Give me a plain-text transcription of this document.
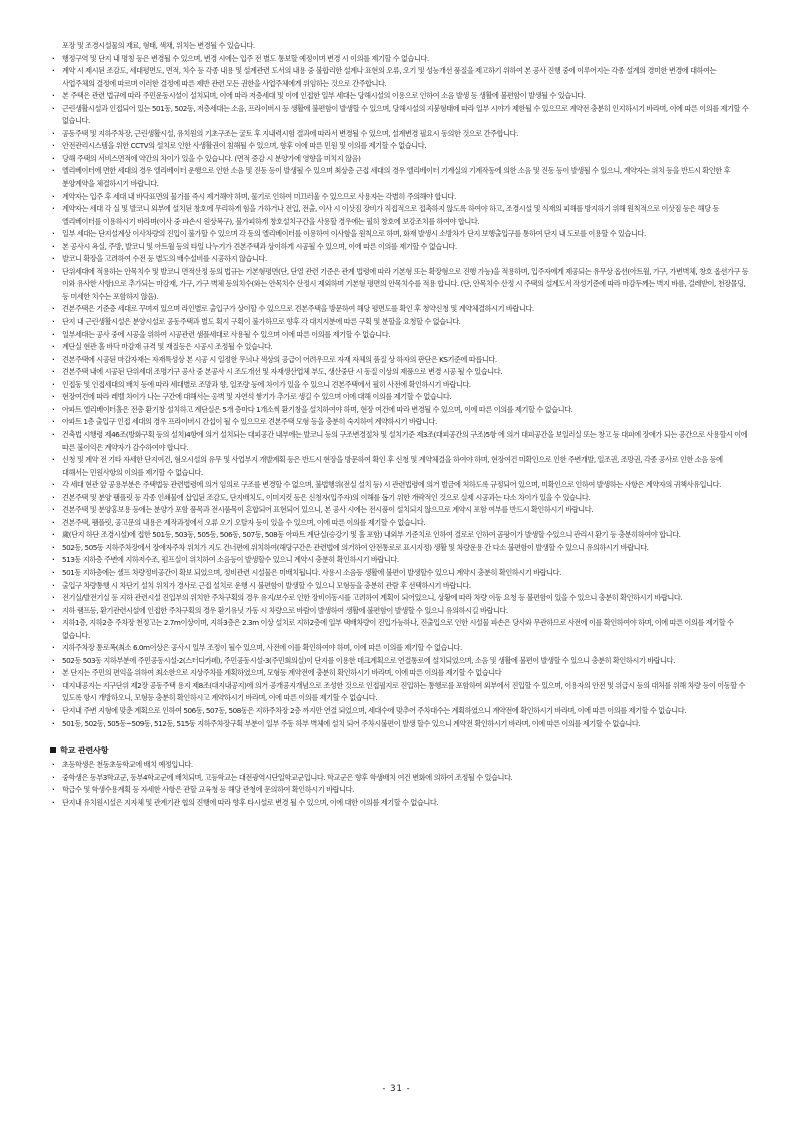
포장 및 조경시설물의 재료, 형태, 색채, 위치는 변경될 수 있습니다.
· 행정구역 및 단지 내 명칭 등은 변경될 수 있으며, 변경 시에는 입주 전 별도 통보할 예정이며 변경 시 이의를 제기할 수 없습니다.
· 계약 시 제시된 조감도, 세대평면도, 면적, 치수 등 각종 내용 및 설계관련 도서의 내용 중 불합리한 설계나 표현의 오류, 오기 및 성능개선 품질을 제고하기 위하여 본 공사 진행 중에 이루어지는 각종 설계의 경미한 변경에 대하여는 사업주체의 결정에 따르며 이러한 결정에 따른 제반 관련 모든 권한을 사업주체에게 위임하는 것으로 간주합니다.
· 본 주택은 관련 법규에 따라 주민운동시설이 설치되며, 이에 따라 저층세대 및 이에 인접한 일부 세대는 당해시설의 이용으로 인하여 소음 발생 등 생활에 불편함이 발생될 수 있습니다.
· 근린생활시설과 인접되어 있는 501동, 502동, 저층세대는 소음, 프라이버시 등 생활에 불편함이 발생할 수 있으며, 당해시설의 지붕형태에 따라 일부 시야가 제한될 수 있으므로 계약전 충분히 인지하시기 바라며, 이에 따른 이의를 제기할 수 없습니다.
· 공동주택 및 지하주차장, 근린생활시설, 유치원의 기초구조는 굴토 후 지내력시험 결과에 따라서 변경될 수 있으며, 설계변경 필요시 동의한 것으로 간주합니다.
· 안전관리시스템을 위한 CCTV의 설치로 인한 사생활권이 침해될 수 있으며, 향후 이에 따른 민원 및 이의를 제기할 수 없습니다.
· 당해 주택의 서비스면적에 약간의 차이가 있을 수 있습니다. (면적 증감 시 분양가에 영향을 미치지 않음)
· 엘리베이터에 면한 세대의 경우 엘리베이터 운행으로 인한 소음 및 진동 등이 발생될 수 있으며 최상층 근접 세대의 경우 엘리베이터 기계실의 기계작동에 의한 소음 및 진동 등이 발생될 수 있으니, 계약자는 위치 등을 반드시 확인한 후 분양계약을 체결하시기 바랍니다.
· 계약자는 입주 후 세대 내 바닥표면의 물기를 즉시 제거해야 하며, 물기로 인하여 미끄러울 수 있으므로 사용자는 각별히 주의해야 합니다.
· 계약자는 세대 각 실 및 발코니 외부에 설치된 창호에 무리하게 힘을 가하거나 전입, 전출, 이사 시 이삿짐 장비가 직접적으로 접촉하지 않도록 하여야 하고, 조경시설 및 식재의 피해를 방지하기 위해 원칙적으로 이삿짐 등은 해당 동 엘리베이터를 이용하시기 바라며(이사 중 파손시 원상복구), 불가피하게 창호설치구간을 사용할 경우에는 필히 창호에 보강조치를 하여야 합니다.
· 일부 세대는 단지설계상 이사차량의 진입이 불가할 수 있으며 각 동의 엘리베이터를 이용하여 이사함을 원칙으로 하며, 화재 발생시 소방차가 단지 보행출입구를 통하여 단지 내 도로를 이용할 수 있습니다.
· 본 공사시 욕실, 주방, 발코니 및 아트월 등의 타일 나누기가 견본주택과 상이하게 시공될 수 있으며, 이에 따른 이의를 제기할 수 없습니다.
· 발코니 확장을 고려하여 수전 등 별도의 배수설비를 시공하지 않습니다.
· 단위세대에 적용하는 안목치수 및 발코니 면적산정 등의 법규는 기본형평면(단, 단열 관련 기준은 관계 법령에 따라 기본형 또는 확장형으로 진행 가능)을 적용하며, 입주자에게 제공되는 유무상 옵션(아트월, 가구, 가변벽체, 창호 옵션가구 등 이와 유사한 사항)으로 추가되는 마감재, 가구, 가구 벽체 등의치수(와는 안목치수 산정시 제외하며 기본형 평면의 안목치수를 적용 합니다. (단, 안목치수 산정 시 주택의 설계도서 작성기준에 따라 마감두께는 벽지 바름, 걸레받이, 천장몰딩, 등 미세한 치수는 포함하지 않음).
· 견본주택은 기준층 세대로 꾸며져 있으며 라인별로 출입구가 상이할 수 있으므로 견본주택을 방문하여 해당 평면도를 확인 후 청약신청 및 계약체결하시기 바랍니다.
· 단지 내 근린생활시설은 분양시설로 공동주택과 별도 획지 구획이 불가하므로 향후 각 대지지분에 따른 구획 및 분할을 요청할 수 없습니다.
· 일부세대는 공사 중에 시공을 위하여 시공관련 샘플세대로 사용될 수 있으며 이에 따른 이의를 제기할 수 없습니다.
· 계단실 현관 홀 바닥 마감재 규격 및 재질등은 시공시 조정될 수 있습니다.
· 견본주택에 시공된 마감자재는 자재특성상 본 시공 시 일정한 무늬나 색상의 공급이 어려우므로 자재 자체의 품질 상 하자의 판단은 KS기준에 따릅니다.
· 견본주택 내에 시공된 단위세대 조명기구 공사 중 본공사 시 조도개선 및 자재생산업체 부도, 생산중단 시 동질 이상의 제품으로 변경 시공 될 수 있습니다.
· 인접동 및 인접세대의 배치 등에 따라 세대별로 조망과 향, 일조량 등에 차이가 있을 수 있으니 견본주택에서 필히 사전에 확인하시기 바랍니다.
· 현장여건에 따라 레벨 차이가 나는 구간에 대해서는 옹벽 및 자연석 쌓기가 추가로 생길 수 있으며 이에 대해 이의를 제기할 수 없습니다.
· 아파트 엘리베이터홀은 전층 환기창 설치하고 계단실은 5개 층마다 1개소씩 환기창을 설치하여야 하며, 현장 여건에 따라 변경될 수 있으며, 이에 따른 이의를 제기할 수 없습니다.
· 아파트 1층 출입구 인접 세대의 경우 프라이버시 간섭이 될 수 있으므로 견본주택 모형 등을 충분히 숙지하여 계약하시기 바랍니다.
· 건축법 시행령 제46조(방화구획 등의 설치)4항에 의거 설치되는 대피공간 내부에는 발코니 등의 구조변경절차 및 설치기준 제3조(대피공간의 구조)5항 에 의거 대피공간을 보일러실 또는 창고 등 대피에 장애가 되는 공간으로 사용할시 이에 따른 불이익은 계약자가 감수하여야 합니다.
· 신청 및 계약 전 기타 자세한 단지여건, 혐오시설의 유무 및 사업부지 개발계획 등은 반드시 현장을 방문하여 확인 후 신청 및 계약체결을 하여야 하며, 현장여건 미확인으로 인한 주변개발, 일조권, 조망권, 각종 공사로 인한 소음 등에 대해서는 민원사항의 이의를 제기할 수 없습니다.
· 각 세대 현관 앞 공용부분은 주택법등 관련법령에 의거 임의로 구조를 변경할 수 없으며, 불법행위(전실 설치 등) 시 관련법령에 의거 벌금에 처하도록 규정되어 있으며, 미확인으로 인하여 발생하는 사항은 계약자의 귀책사유입니다.
· 견본주택 및 분양 팸플릿 등 각종 인쇄물에 삽입된 조감도, 단지배치도, 이미지컷 등은 신청자(입주자)의 이해를 돕기 위한 개략적인 것으로 실제 시공과는 다소 차이가 있을 수 있습니다.
· 견본주택 및 분양홍보용 등에는 분양가 포함 품목과 전시품목이 혼합되어 표현되어 있으니, 본 공사 시에는 전시품이 설치되지 않으므로 계약시 포함 여부를 반드시 확인하시기 바랍니다.
· 견본주택, 팸플릿, 공고문의 내용은 제작과정에서 오류 오기 오탈자 등이 있을 수 있으며, 이에 따른 이의를 제기할 수 없습니다.
· 歲(단지 하단 조경시설)에 접한 501동, 503동, 505동, 506동, 507동, 508동 아파트 계단실(승강기 및 홀 포함) 내외부 기준치로 인하여 결로로 인하여 곰팡이가 발생할 수있으니 관리시 환기 등 충분히하여야 합니다.
· 502동, 505동 지하주차장에서 장애자주차 위치가 지도 건너편에 위치하여(해당구간은 관련법에 의거하여 안전통로로 표시지정) 생활 및 차량운용 간 다소 불편함이 발생할 수 있으니 유의하시기 바랍니다.
· 513동 지하층 주변에 지하저수조, 펌프실이 위치하여 소음등이 발생할수 있으니 계약시 충분히 확인하시기 바랍니다.
· 501동 지하층에는 셸프 차량정비공간이 확보 되었으며, 정비관련 시설물은 미배치됩니다. 사용시 소음등 생활에 불편이 발생할수 있으니 계약시 충분히 확인하시기 바랍니다.
· 출입구 차량통행 시 차단기 설치 위치가 경사로 근접 설치로 운행 시 불편함이 발생할 수 있으니 모형등을 충분히 관람 후 선택하시기 바랍니다.
· 전기실/발전기실 등 지하 관련시설 진입부의 위치한 주차구획의 경우 유지/보수로 인한 장비이동시를 고려하여 계획이 되어있으니, 상황에 따라 차량 이동 요청 등 불편함이 있을 수 있으니 충분히 확인하시기 바랍니다.
· 지하 램프등, 환기관련시설에 인접한 주차구획의 경우 환기유닛 가동 시 차량으로 바람이 발생하여 생활에 불편함이 발생할 수 있으니 유의하시길 바랍니다.
· 지하1층, 지하2층 주차장 천정고는 2.7m이상이며, 지하3층은 2.3m 이상 설치로 지하2층에 일부 택배차량이 진입가능하나, 진출입으로 인한 시설물 파손은 당사와 무관하므로 사전에 이를 확인하여야 하며, 이에 따른 이의를 제기할 수 없습니다.
· 지하주차장 통로폭(최소 6.0m이상은 공사시 일부 조정이 될수 있으며, 사전에 이를 확인하여야 하며, 이에 따른 이의를 제기할 수 없습니다.
· 502동 503동 지하부분에 주민공동시설-2(스터디카페), 주민공동시설-3(주민회의실)이 단지를 이용한 데크계획으로 연결통로에 설치되었으며, 소음 및 생활에 불편이 발생할 수 있으니 충분히 확인하시기 바랍니다.
· 본 단지는 주민의 편익을 위하여 최소한으로 지상주차를 계획하였으며, 모형등 계약전에 충분히 확인하시기 바라며, 이에 따른 이의를 제기할 수 없습니다
· 대지내공지는 지구단위 제2장 공동주택 용지 제8조(대지내공지)에 의거 공개공지개념으로 조성한 것으로 인접필지로 진입하는 통행로를 포함하여 외부에서 진입할 수 있으며, 이용자의 안전 및 위급시 등의 대처를 위해 차량 등이 이동할 수 있도록 항시 개방하오니, 모형등 충분히 확인하시고 계약하시기 바라며, 이에 따른 이의를 제기할 수 없습니다.
· 단지내 주변 지형에 맞춘 계획으로 인하여 506동, 507동, 508동은 지하주차장 2층 까지만 연결 되었으며, 세대수에 맞추어 주차대수는 계획하였으니 계약전에 확인하시기 바라며, 이에 따른 이의를 제기할 수 없습니다.
· 501동, 502동, 505동~509동, 512동, 515동 지하주차장구획 부분이 일부 주동 하부 벽체에 설치 되어 주차시불편이 발생 할수 있으니 계약전 확인하시기 바라며, 이에 따른 이의를 제기할 수 없습니다.
학교 관련사항
· 초등학생은 천동초등학교에 배치 예정입니다.
· 중학생은 동부3학교군, 동부4학교군에 배치되며, 고등학교는 대전광역시단일학교군입니다. 학교군은 향후 학생배치 여건 변화에 의하여 조정될 수 있습니다.
· 학급수 및 학생수용계획 등 자세한 사항은 관할 교육청 등 해당 관청에 문의하여 확인하시기 바랍니다.
· 단지내 유치원시설은 지자체 및 관계기관 협의 진행에 따라 향후 타시설로 변경 될 수 있으며, 이에 대한 이의를 제기할 수 없습니다.
- 31 -
